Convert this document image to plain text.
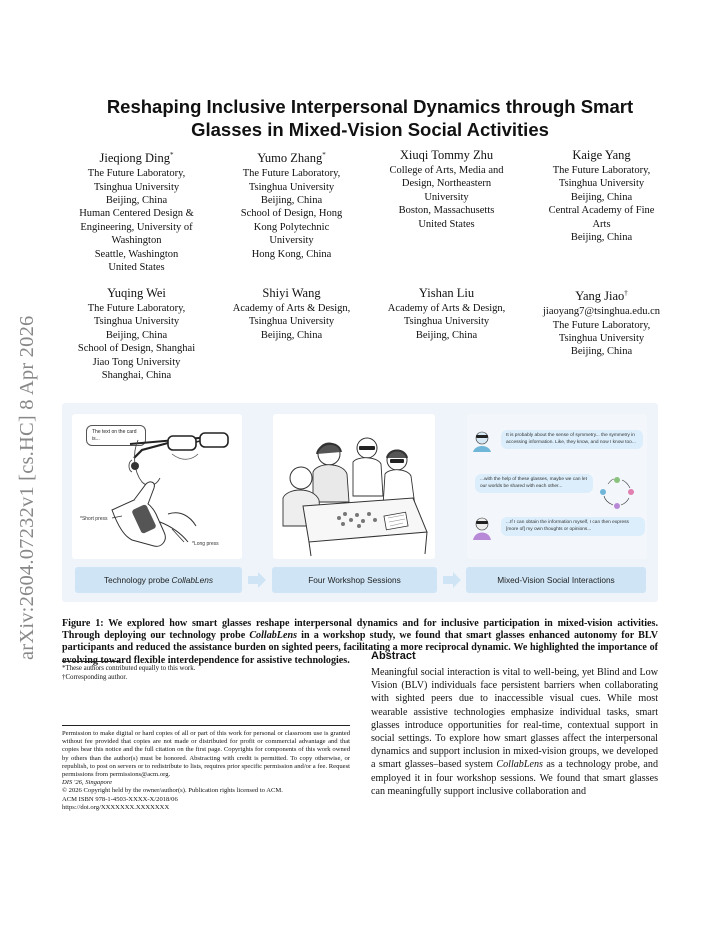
arXiv:2604.07232v1 [cs.HC] 8 Apr 2026
Reshaping Inclusive Interpersonal Dynamics through Smart
Glasses in Mixed-Vision Social Activities
Jieqiong Ding*
The Future Laboratory,
Tsinghua University
Beijing, China
Human Centered Design &
Engineering, University of
Washington
Seattle, Washington
United States
Yumo Zhang*
The Future Laboratory,
Tsinghua University
Beijing, China
School of Design, Hong
Kong Polytechnic
University
Hong Kong, China
Xiuqi Tommy Zhu
College of Arts, Media and
Design, Northeastern
University
Boston, Massachusetts
United States
Kaige Yang
The Future Laboratory,
Tsinghua University
Beijing, China
Central Academy of Fine
Arts
Beijing, China
Yuqing Wei
The Future Laboratory,
Tsinghua University
Beijing, China
School of Design, Shanghai
Jiao Tong University
Shanghai, China
Shiyi Wang
Academy of Arts & Design,
Tsinghua University
Beijing, China
Yishan Liu
Academy of Arts & Design,
Tsinghua University
Beijing, China
Yang Jiao†
jiaoyang7@tsinghua.edu.cn
The Future Laboratory,
Tsinghua University
Beijing, China
The text on the card is...
*Short press
*Long press
It is probably about the sense of symmetry... the symmetry in accessing information. Like, they know, and now I know too...
...with the help of these glasses, maybe we can let our worlds be shared with each other...
...If I can obtain the information myself, I can then express [more of] my own thoughts or opinions...
Technology probe CollabLens	Four Workshop Sessions	Mixed-Vision Social Interactions
Figure 1: We explored how smart glasses reshape interpersonal dynamics and for inclusive participation in mixed-vision activities. Through deploying our technology probe CollabLens in a workshop study, we found that smart glasses enhanced autonomy for BLV participants and reduced the assistance burden on sighted peers, facilitating a more reciprocal dynamic. We highlighted the importance of evolving toward flexible interdependence for assistive technologies.
*These authors contributed equally to this work.
†Corresponding author.

Permission to make digital or hard copies of all or part of this work for personal or classroom use is granted without fee provided that copies are not made or distributed for profit or commercial advantage and that copies bear this notice and the full citation on the first page. Copyrights for components of this work owned by others than the author(s) must be honored. Abstracting with credit is permitted. To copy otherwise, or republish, to post on servers or to redistribute to lists, requires prior specific permission and/or a fee. Request permissions from permissions@acm.org.

DIS '26, Singapore

© 2026 Copyright held by the owner/author(s). Publication rights licensed to ACM.

ACM ISBN 978-1-4503-XXXX-X/2018/06

https://doi.org/XXXXXXX.XXXXXXX

Abstract

Meaningful social interaction is vital to well-being, yet Blind and Low Vision (BLV) individuals face persistent barriers when collaborating with sighted peers due to inaccessible visual cues. While most wearable assistive technologies emphasize individual tasks, smart glasses introduce opportunities for real-time, contextual support in social settings. To explore how smart glasses affect the interpersonal dynamics and support inclusion in mixed-vision groups, we developed a smart glasses–based system CollabLens as a technology probe, and employed it in four workshop sessions. We found that smart glasses can meaningfully support inclusive collaboration and
